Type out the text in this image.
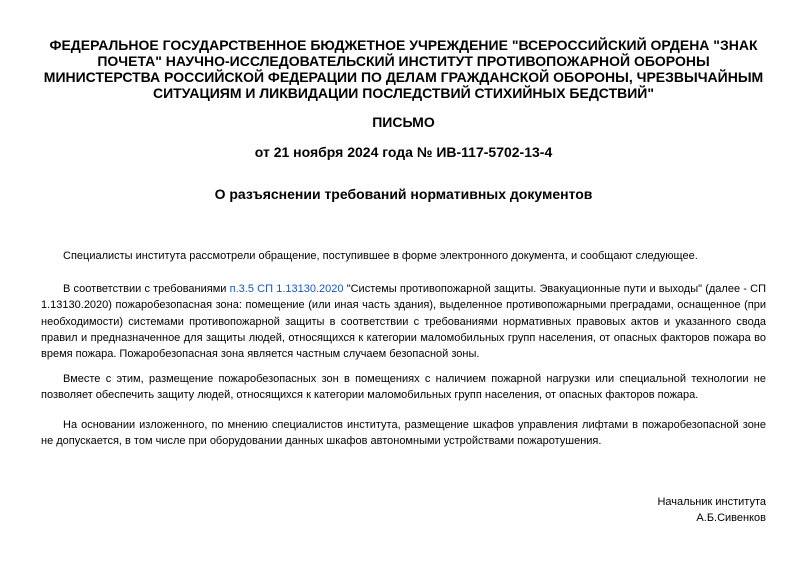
ФЕДЕРАЛЬНОЕ ГОСУДАРСТВЕННОЕ БЮДЖЕТНОЕ УЧРЕЖДЕНИЕ "ВСЕРОССИЙСКИЙ ОРДЕНА "ЗНАК ПОЧЕТА" НАУЧНО-ИССЛЕДОВАТЕЛЬСКИЙ ИНСТИТУТ ПРОТИВОПОЖАРНОЙ ОБОРОНЫ МИНИСТЕРСТВА РОССИЙСКОЙ ФЕДЕРАЦИИ ПО ДЕЛАМ ГРАЖДАНСКОЙ ОБОРОНЫ, ЧРЕЗВЫЧАЙНЫМ СИТУАЦИЯМ И ЛИКВИДАЦИИ ПОСЛЕДСТВИЙ СТИХИЙНЫХ БЕДСТВИЙ"
ПИСЬМО
от 21 ноября 2024 года № ИВ-117-5702-13-4
О разъяснении требований нормативных документов

Специалисты института рассмотрели обращение, поступившее в форме электронного документа, и сообщают следующее.

В соответствии с требованиями п.3.5 СП 1.13130.2020 "Системы противопожарной защиты. Эвакуационные пути и выходы" (далее - СП 1.13130.2020) пожаробезопасная зона: помещение (или иная часть здания), выделенное противопожарными преградами, оснащенное (при необходимости) системами противопожарной защиты в соответствии с требованиями нормативных правовых актов и указанного свода правил и предназначенное для защиты людей, относящихся к категории маломобильных групп населения, от опасных факторов пожара во время пожара. Пожаробезопасная зона является частным случаем безопасной зоны.

Вместе с этим, размещение пожаробезопасных зон в помещениях с наличием пожарной нагрузки или специальной технологии не позволяет обеспечить защиту людей, относящихся к категории маломобильных групп населения, от опасных факторов пожара.

На основании изложенного, по мнению специалистов института, размещение шкафов управления лифтами в пожаробезопасной зоне не допускается, в том числе при оборудовании данных шкафов автономными устройствами пожаротушения.

Начальник института
А.Б.Сивенков
